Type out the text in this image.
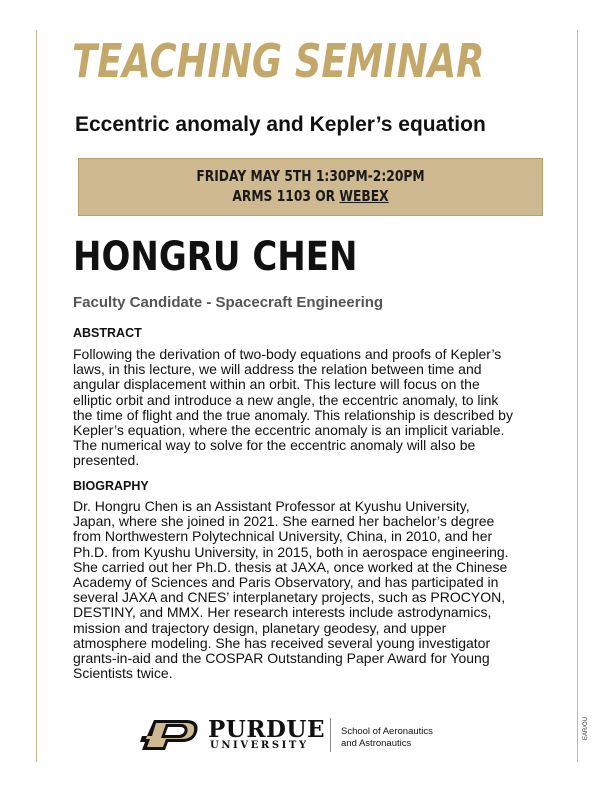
TEACHING SEMINAR
Eccentric anomaly and Kepler’s equation
FRIDAY MAY 5TH 1:30PM-2:20PM
ARMS 1103 OR WEBEX
HONGRU CHEN
Faculty Candidate - Spacecraft Engineering
ABSTRACT
Following the derivation of two-body equations and proofs of Kepler’s
laws, in this lecture, we will address the relation between time and
angular displacement within an orbit. This lecture will focus on the
elliptic orbit and introduce a new angle, the eccentric anomaly, to link
the time of flight and the true anomaly. This relationship is described by
Kepler’s equation, where the eccentric anomaly is an implicit variable.
The numerical way to solve for the eccentric anomaly will also be
presented.
BIOGRAPHY
Dr. Hongru Chen is an Assistant Professor at Kyushu University,
Japan, where she joined in 2021. She earned her bachelor’s degree
from Northwestern Polytechnical University, China, in 2010, and her
Ph.D. from Kyushu University, in 2015, both in aerospace engineering.
She carried out her Ph.D. thesis at JAXA, once worked at the Chinese
Academy of Sciences and Paris Observatory, and has participated in
several JAXA and CNES’ interplanetary projects, such as PROCYON,
DESTINY, and MMX. Her research interests include astrodynamics,
mission and trajectory design, planetary geodesy, and upper
atmosphere modeling. She has received several young investigator
grants-in-aid and the COSPAR Outstanding Paper Award for Young
Scientists twice.
PURDUE
UNIVERSITY
School of Aeronautics
and Astronautics
EAR/OU
